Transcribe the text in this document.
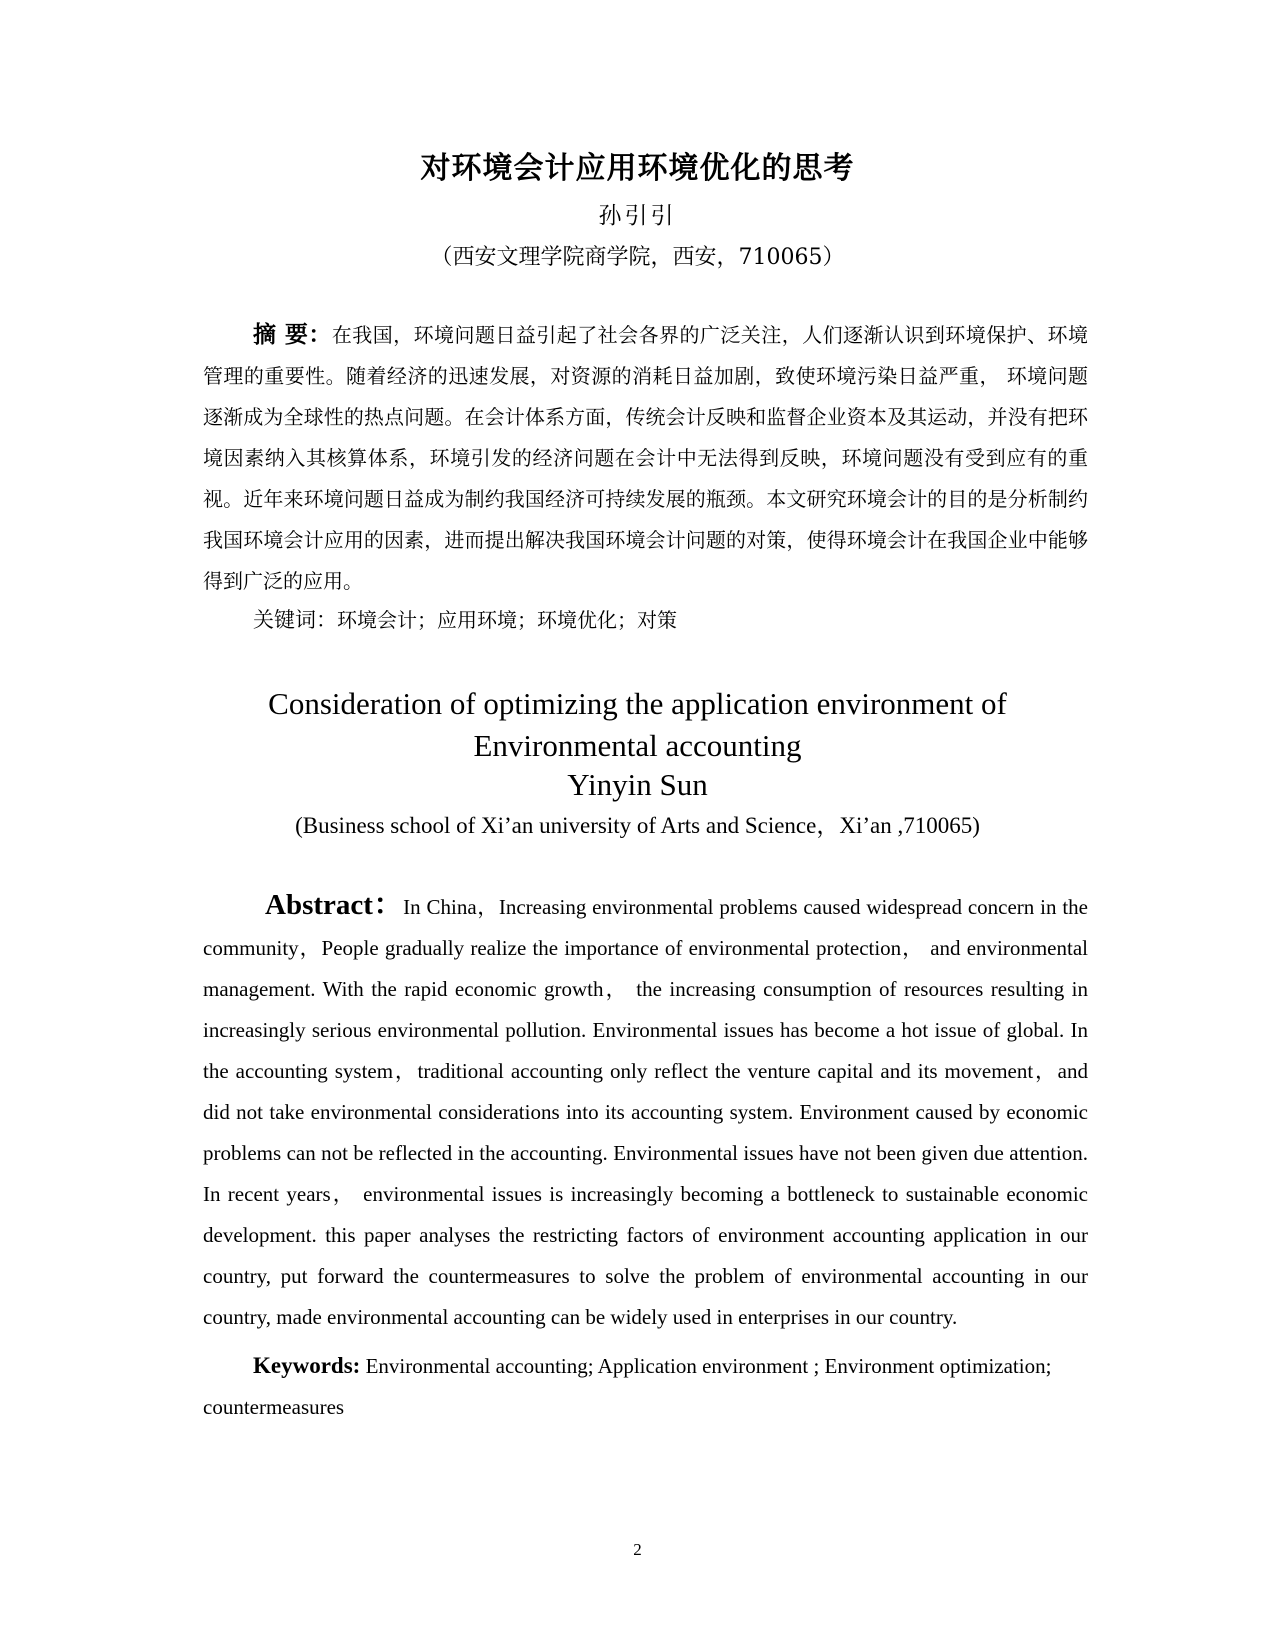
对环境会计应用环境优化的思考
孙引引
（西安文理学院商学院，西安，710065）

摘 要：在我国，环境问题日益引起了社会各界的广泛关注，人们逐渐认识到环境保护、环境管理的重要性。随着经济的迅速发展，对资源的消耗日益加剧，致使环境污染日益严重， 环境问题逐渐成为全球性的热点问题。在会计体系方面，传统会计反映和监督企业资本及其运动，并没有把环境因素纳入其核算体系，环境引发的经济问题在会计中无法得到反映，环境问题没有受到应有的重视。近年来环境问题日益成为制约我国经济可持续发展的瓶颈。本文研究环境会计的目的是分析制约我国环境会计应用的因素，进而提出解决我国环境会计问题的对策，使得环境会计在我国企业中能够得到广泛的应用。

关键词：环境会计；应用环境；环境优化；对策

Consideration of optimizing the application environment of
Environmental accounting
Yinyin Sun
(Business school of Xi’an university of Arts and Science，Xi’an ,710065)

Abstract：In China，Increasing environmental problems caused widespread concern in the community，People gradually realize the importance of environmental protection， and environmental management. With the rapid economic growth， the increasing consumption of resources resulting in increasingly serious environmental pollution. Environmental issues has become a hot issue of global. In the accounting system，traditional accounting only reflect the venture capital and its movement，and did not take environmental considerations into its accounting system. Environment caused by economic problems can not be reflected in the accounting. Environmental issues have not been given due attention. In recent years， environmental issues is increasingly becoming a bottleneck to sustainable economic development. this paper analyses the restricting factors of environment accounting application in our country, put forward the countermeasures to solve the problem of environmental accounting in our country, made environmental accounting can be widely used in enterprises in our country.

Keywords: Environmental accounting; Application environment ; Environment optimization; countermeasures

2
